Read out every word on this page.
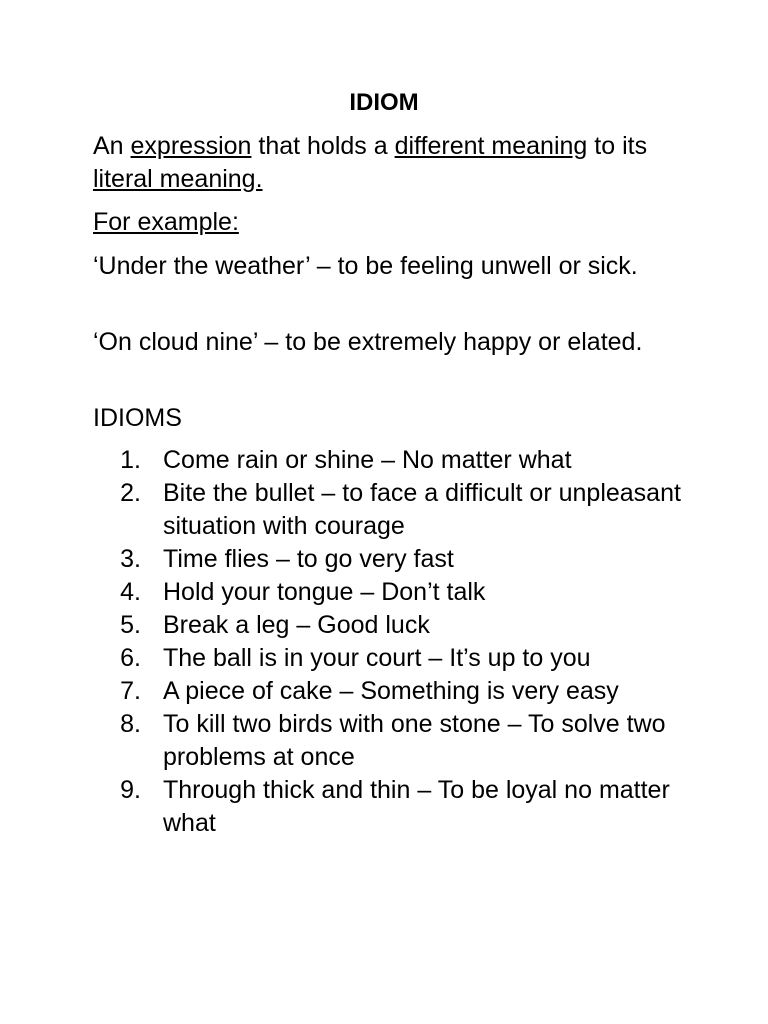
IDIOM
An expression that holds a different meaning to its literal meaning.
For example:
‘Under the weather’ – to be feeling unwell or sick.
‘On cloud nine’ – to be extremely happy or elated.
IDIOMS
1. Come rain or shine – No matter what
2. Bite the bullet – to face a difficult or unpleasant situation with courage
3. Time flies – to go very fast
4. Hold your tongue – Don’t talk
5. Break a leg – Good luck
6. The ball is in your court – It’s up to you
7. A piece of cake – Something is very easy
8. To kill two birds with one stone – To solve two problems at once
9. Through thick and thin – To be loyal no matter what
